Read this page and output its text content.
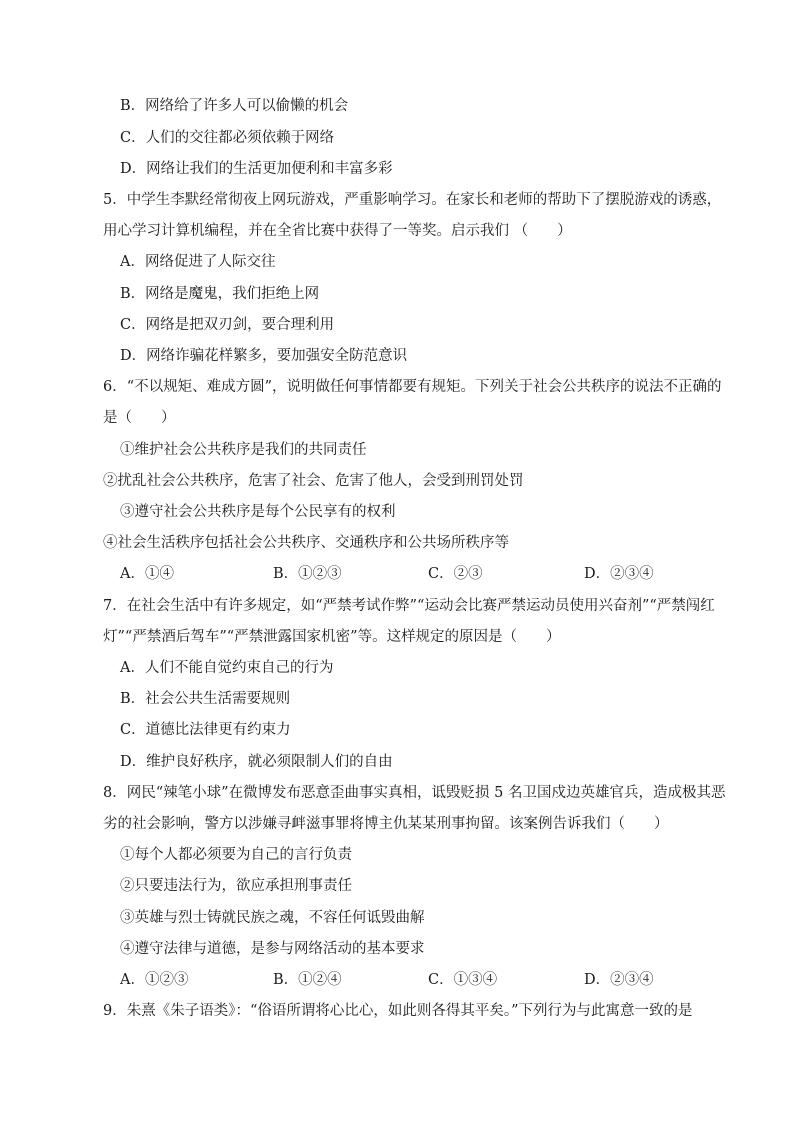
B．网络给了许多人可以偷懒的机会
C．人们的交往都必须依赖于网络
D．网络让我们的生活更加便利和丰富多彩
5．中学生李默经常彻夜上网玩游戏，严重影响学习。在家长和老师的帮助下了摆脱游戏的诱惑，
用心学习计算机编程，并在全省比赛中获得了一等奖。启示我们 （　　）
A．网络促进了人际交往
B．网络是魔鬼，我们拒绝上网
C．网络是把双刃剑，要合理利用
D．网络诈骗花样繁多，要加强安全防范意识
6．“不以规矩、难成方圆”，说明做任何事情都要有规矩。下列关于社会公共秩序的说法不正确的
是（　　）
①维护社会公共秩序是我们的共同责任
②扰乱社会公共秩序，危害了社会、危害了他人，会受到刑罚处罚
③遵守社会公共秩序是每个公民享有的权利
④社会生活秩序包括社会公共秩序、交通秩序和公共场所秩序等
A．①④	B．①②③	C．②③	D．②③④
7．在社会生活中有许多规定，如“严禁考试作弊”“运动会比赛严禁运动员使用兴奋剂”“严禁闯红
灯”“严禁酒后驾车”“严禁泄露国家机密”等。这样规定的原因是（　　）
A．人们不能自觉约束自己的行为
B．社会公共生活需要规则
C．道德比法律更有约束力
D．维护良好秩序，就必须限制人们的自由
8．网民“辣笔小球”在微博发布恶意歪曲事实真相，诋毁贬损 5 名卫国戍边英雄官兵，造成极其恶
劣的社会影响，警方以涉嫌寻衅滋事罪将博主仇某某刑事拘留。该案例告诉我们（　　）
①每个人都必须要为自己的言行负责
②只要违法行为，欲应承担刑事责任
③英雄与烈士铸就民族之魂，不容任何诋毁曲解
④遵守法律与道德，是参与网络活动的基本要求
A．①②③	B．①②④	C．①③④	D．②③④
9．朱熹《朱子语类》：“俗语所谓将心比心，如此则各得其平矣。”下列行为与此寓意一致的是
